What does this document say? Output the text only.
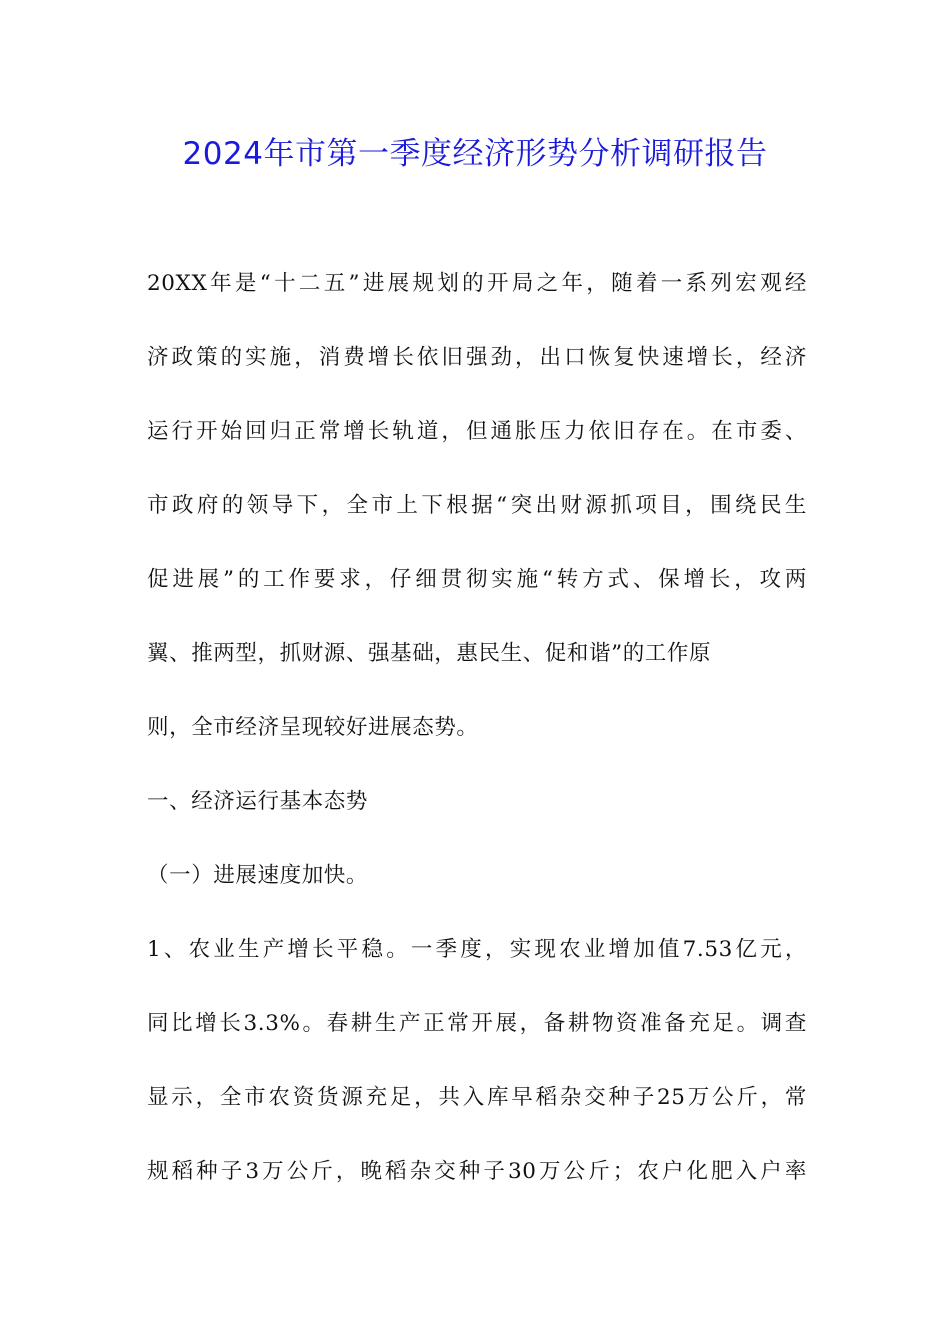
2024年市第一季度经济形势分析调研报告
20XX年是“十二五”进展规划的开局之年，随着一系列宏观经
济政策的实施，消费增长依旧强劲，出口恢复快速增长，经济
运行开始回归正常增长轨道，但通胀压力依旧存在。在市委、
市政府的领导下，全市上下根据“突出财源抓项目，围绕民生
促进展”的工作要求，仔细贯彻实施“转方式、保增长，攻两
翼、推两型，抓财源、强基础，惠民生、促和谐”的工作原
则，全市经济呈现较好进展态势。
一、经济运行基本态势
（一）进展速度加快。
1、农业生产增长平稳。一季度，实现农业增加值7.53亿元，
同比增长3.3%。春耕生产正常开展，备耕物资准备充足。调查
显示，全市农资货源充足，共入库早稻杂交种子25万公斤，常
规稻种子3万公斤，晚稻杂交种子30万公斤；农户化肥入户率
